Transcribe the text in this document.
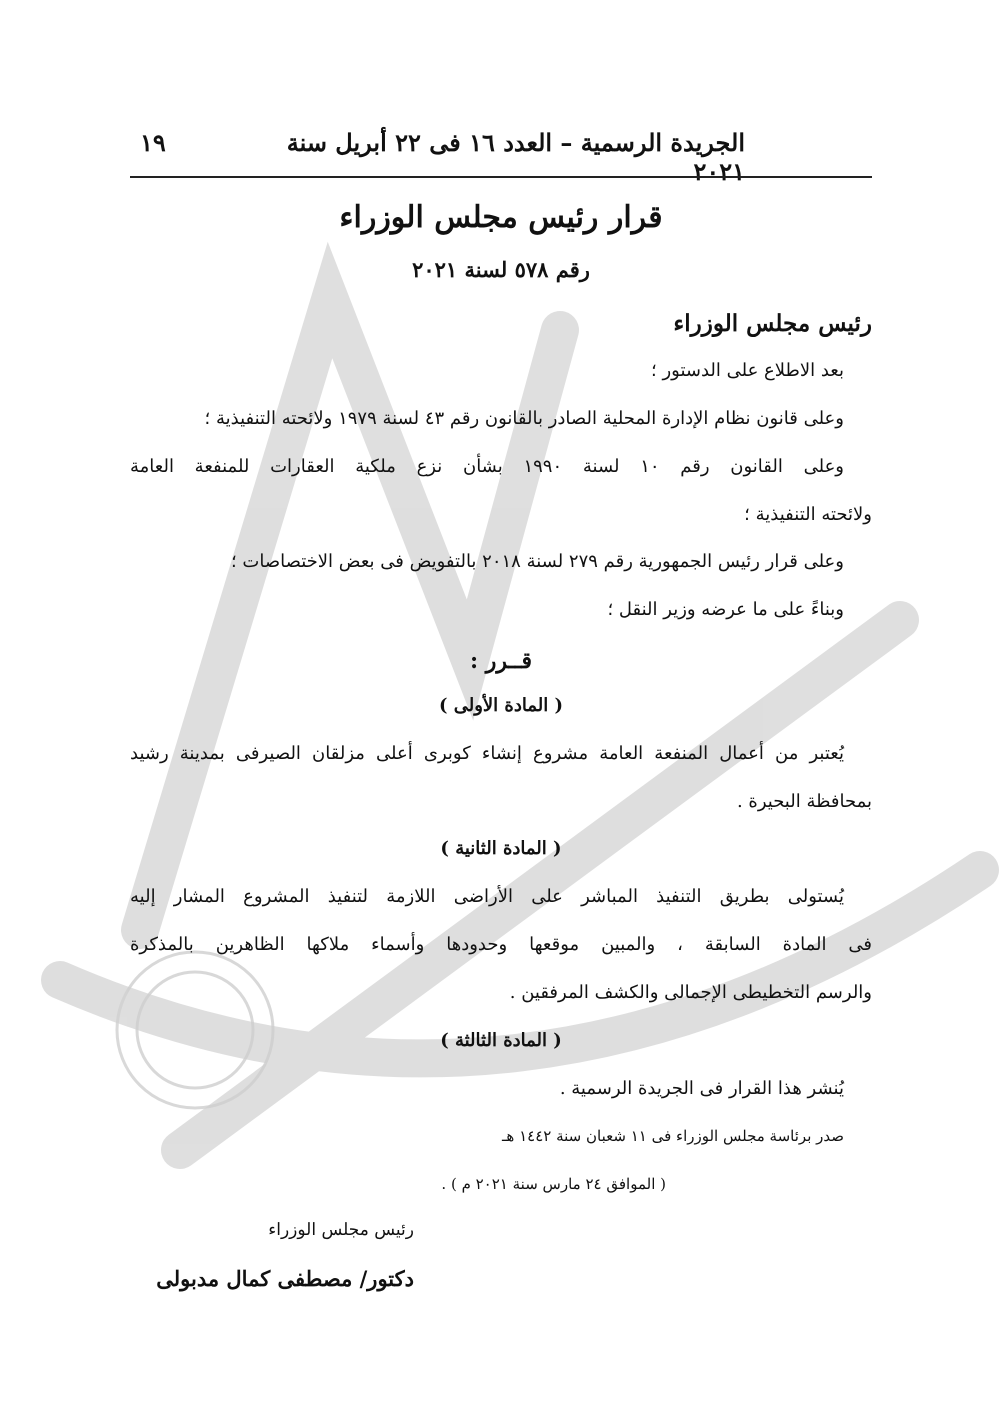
الجريدة الرسمية – العدد ١٦ فى ٢٢ أبريل سنة ٢٠٢١
١٩
قرار رئيس مجلس الوزراء
رقم ٥٧٨ لسنة ٢٠٢١
رئيس مجلس الوزراء
بعد الاطلاع على الدستور ؛
وعلى قانون نظام الإدارة المحلية الصادر بالقانون رقم ٤٣ لسنة ١٩٧٩ ولائحته التنفيذية ؛
وعلى القانون رقم ١٠ لسنة ١٩٩٠ بشأن نزع ملكية العقارات للمنفعة العامة
ولائحته التنفيذية ؛
وعلى قرار رئيس الجمهورية رقم ٢٧٩ لسنة ٢٠١٨ بالتفويض فى بعض الاختصاصات ؛
وبناءً على ما عرضه وزير النقل ؛
قــرر :
( المادة الأولى )
يُعتبر من أعمال المنفعة العامة مشروع إنشاء كوبرى أعلى مزلقان الصيرفى بمدينة رشيد
بمحافظة البحيرة .
( المادة الثانية )
يُستولى بطريق التنفيذ المباشر على الأراضى اللازمة لتنفيذ المشروع المشار إليه
فى المادة السابقة ، والمبين موقعها وحدودها وأسماء ملاكها الظاهرين بالمذكرة
والرسم التخطيطى الإجمالى والكشف المرفقين .
( المادة الثالثة )
يُنشر هذا القرار فى الجريدة الرسمية .
صدر برئاسة مجلس الوزراء فى ١١ شعبان سنة ١٤٤٢ هـ
( الموافق ٢٤ مارس سنة ٢٠٢١ م ) .
رئيس مجلس الوزراء
دكتور/ مصطفى كمال مدبولى
